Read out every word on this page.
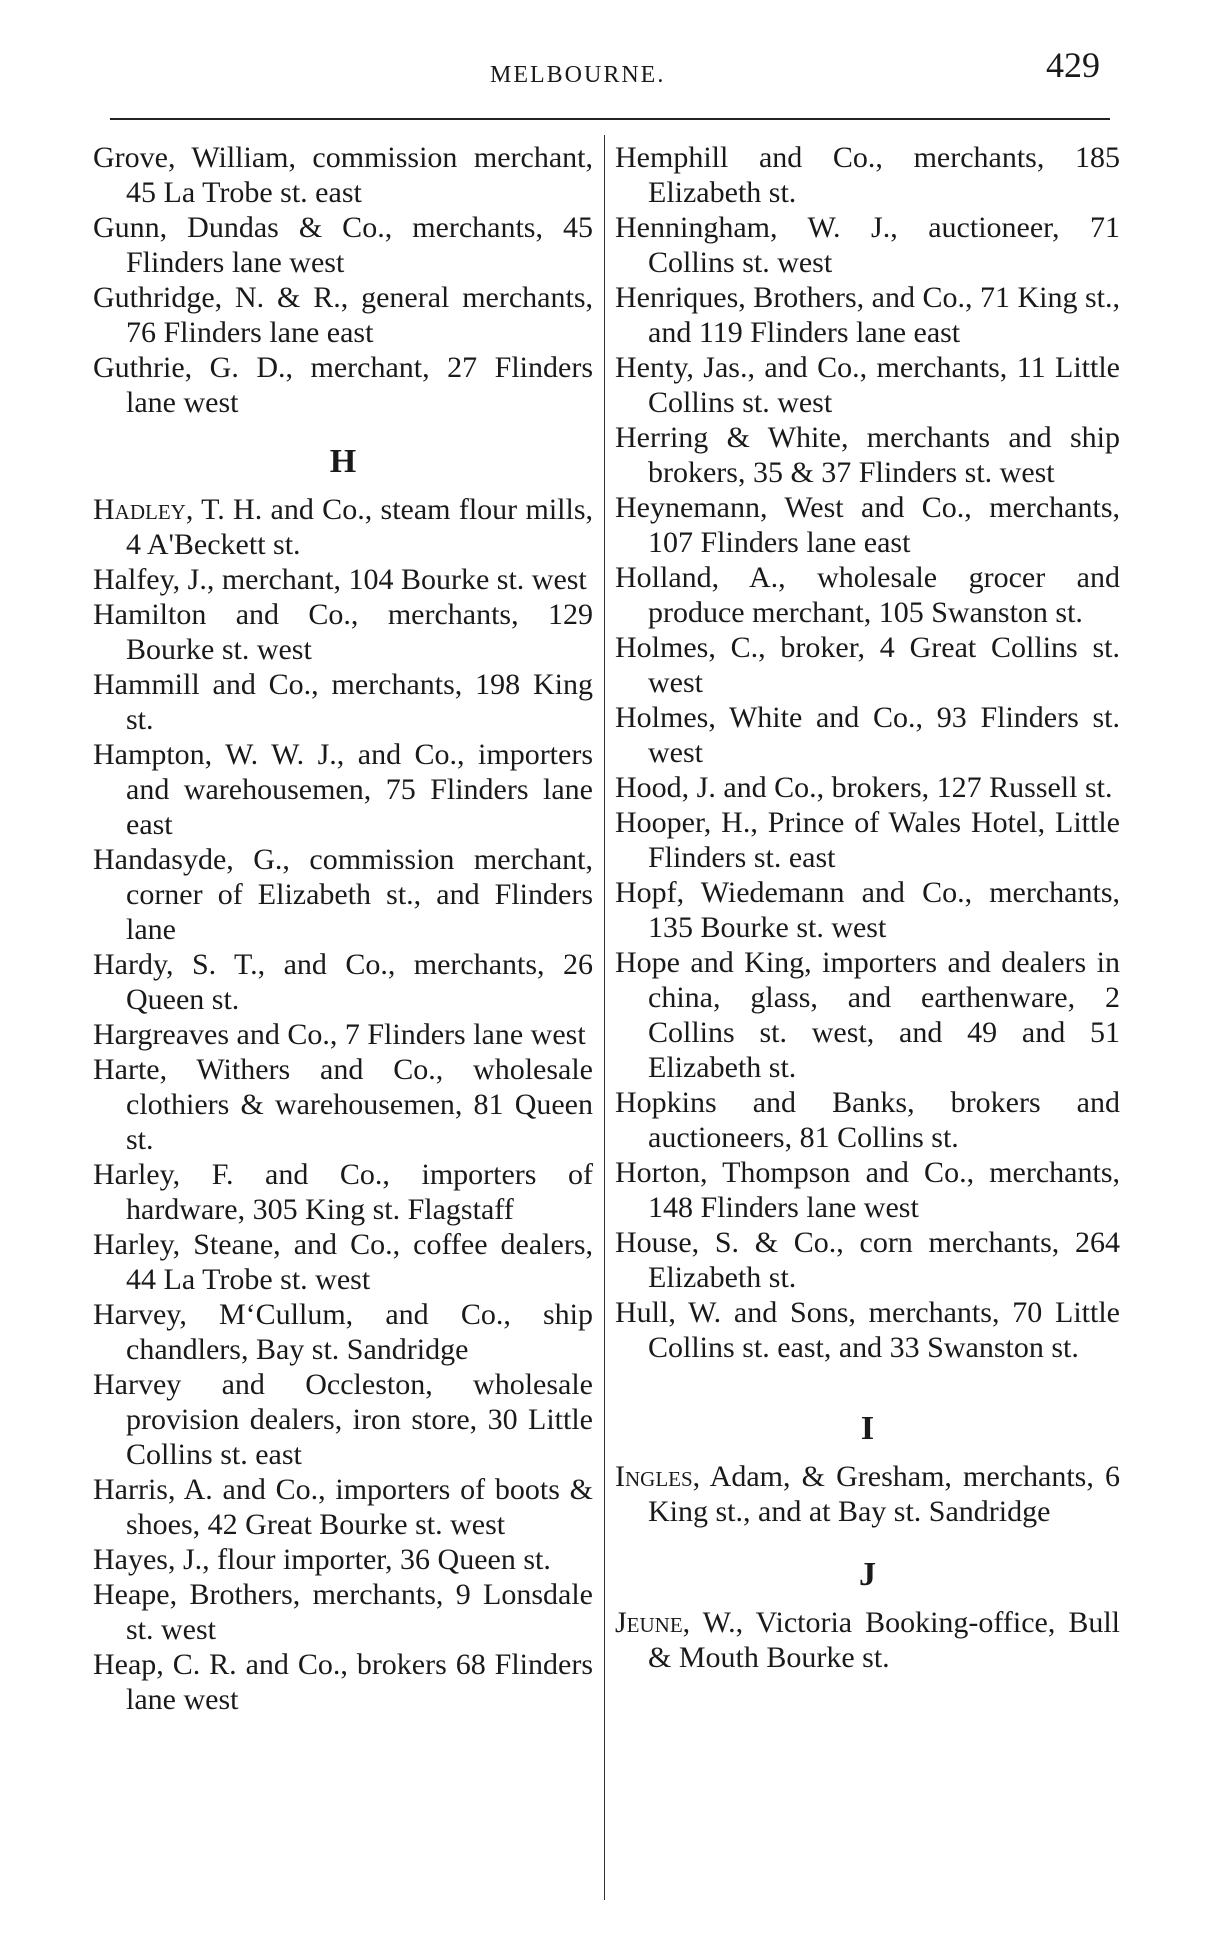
MELBOURNE.	429

Grove, William, commission merchant, 45 La Trobe st. east

Gunn, Dundas & Co., merchants, 45 Flinders lane west

Guthridge, N. & R., general merchants, 76 Flinders lane east

Guthrie, G. D., merchant, 27 Flinders lane west

H

Hadley, T. H. and Co., steam flour mills, 4 A'Beckett st.

Halfey, J., merchant, 104 Bourke st. west

Hamilton and Co., merchants, 129 Bourke st. west

Hammill and Co., merchants, 198 King st.

Hampton, W. W. J., and Co., importers and warehousemen, 75 Flinders lane east

Handasyde, G., commission merchant, corner of Elizabeth st., and Flinders lane

Hardy, S. T., and Co., merchants, 26 Queen st.

Hargreaves and Co., 7 Flinders lane west

Harte, Withers and Co., wholesale clothiers & warehousemen, 81 Queen st.

Harley, F. and Co., importers of hardware, 305 King st. Flagstaff

Harley, Steane, and Co., coffee dealers, 44 La Trobe st. west

Harvey, M‘Cullum, and Co., ship chandlers, Bay st. Sandridge

Harvey and Occleston, wholesale provision dealers, iron store, 30 Little Collins st. east

Harris, A. and Co., importers of boots & shoes, 42 Great Bourke st. west

Hayes, J., flour importer, 36 Queen st.

Heape, Brothers, merchants, 9 Lonsdale st. west

Heap, C. R. and Co., brokers 68 Flinders lane west

Hemphill and Co., merchants, 185 Elizabeth st.

Henningham, W. J., auctioneer, 71 Collins st. west

Henriques, Brothers, and Co., 71 King st., and 119 Flinders lane east

Henty, Jas., and Co., merchants, 11 Little Collins st. west

Herring & White, merchants and ship brokers, 35 & 37 Flinders st. west

Heynemann, West and Co., merchants, 107 Flinders lane east

Holland, A., wholesale grocer and produce merchant, 105 Swanston st.

Holmes, C., broker, 4 Great Collins st. west

Holmes, White and Co., 93 Flinders st. west

Hood, J. and Co., brokers, 127 Russell st.

Hooper, H., Prince of Wales Hotel, Little Flinders st. east

Hopf, Wiedemann and Co., merchants, 135 Bourke st. west

Hope and King, importers and dealers in china, glass, and earthenware, 2 Collins st. west, and 49 and 51 Elizabeth st.

Hopkins and Banks, brokers and auctioneers, 81 Collins st.

Horton, Thompson and Co., merchants, 148 Flinders lane west

House, S. & Co., corn merchants, 264 Elizabeth st.

Hull, W. and Sons, merchants, 70 Little Collins st. east, and 33 Swanston st.

I

Ingles, Adam, & Gresham, merchants, 6 King st., and at Bay st. Sandridge

J

Jeune, W., Victoria Booking-office, Bull & Mouth Bourke st.
